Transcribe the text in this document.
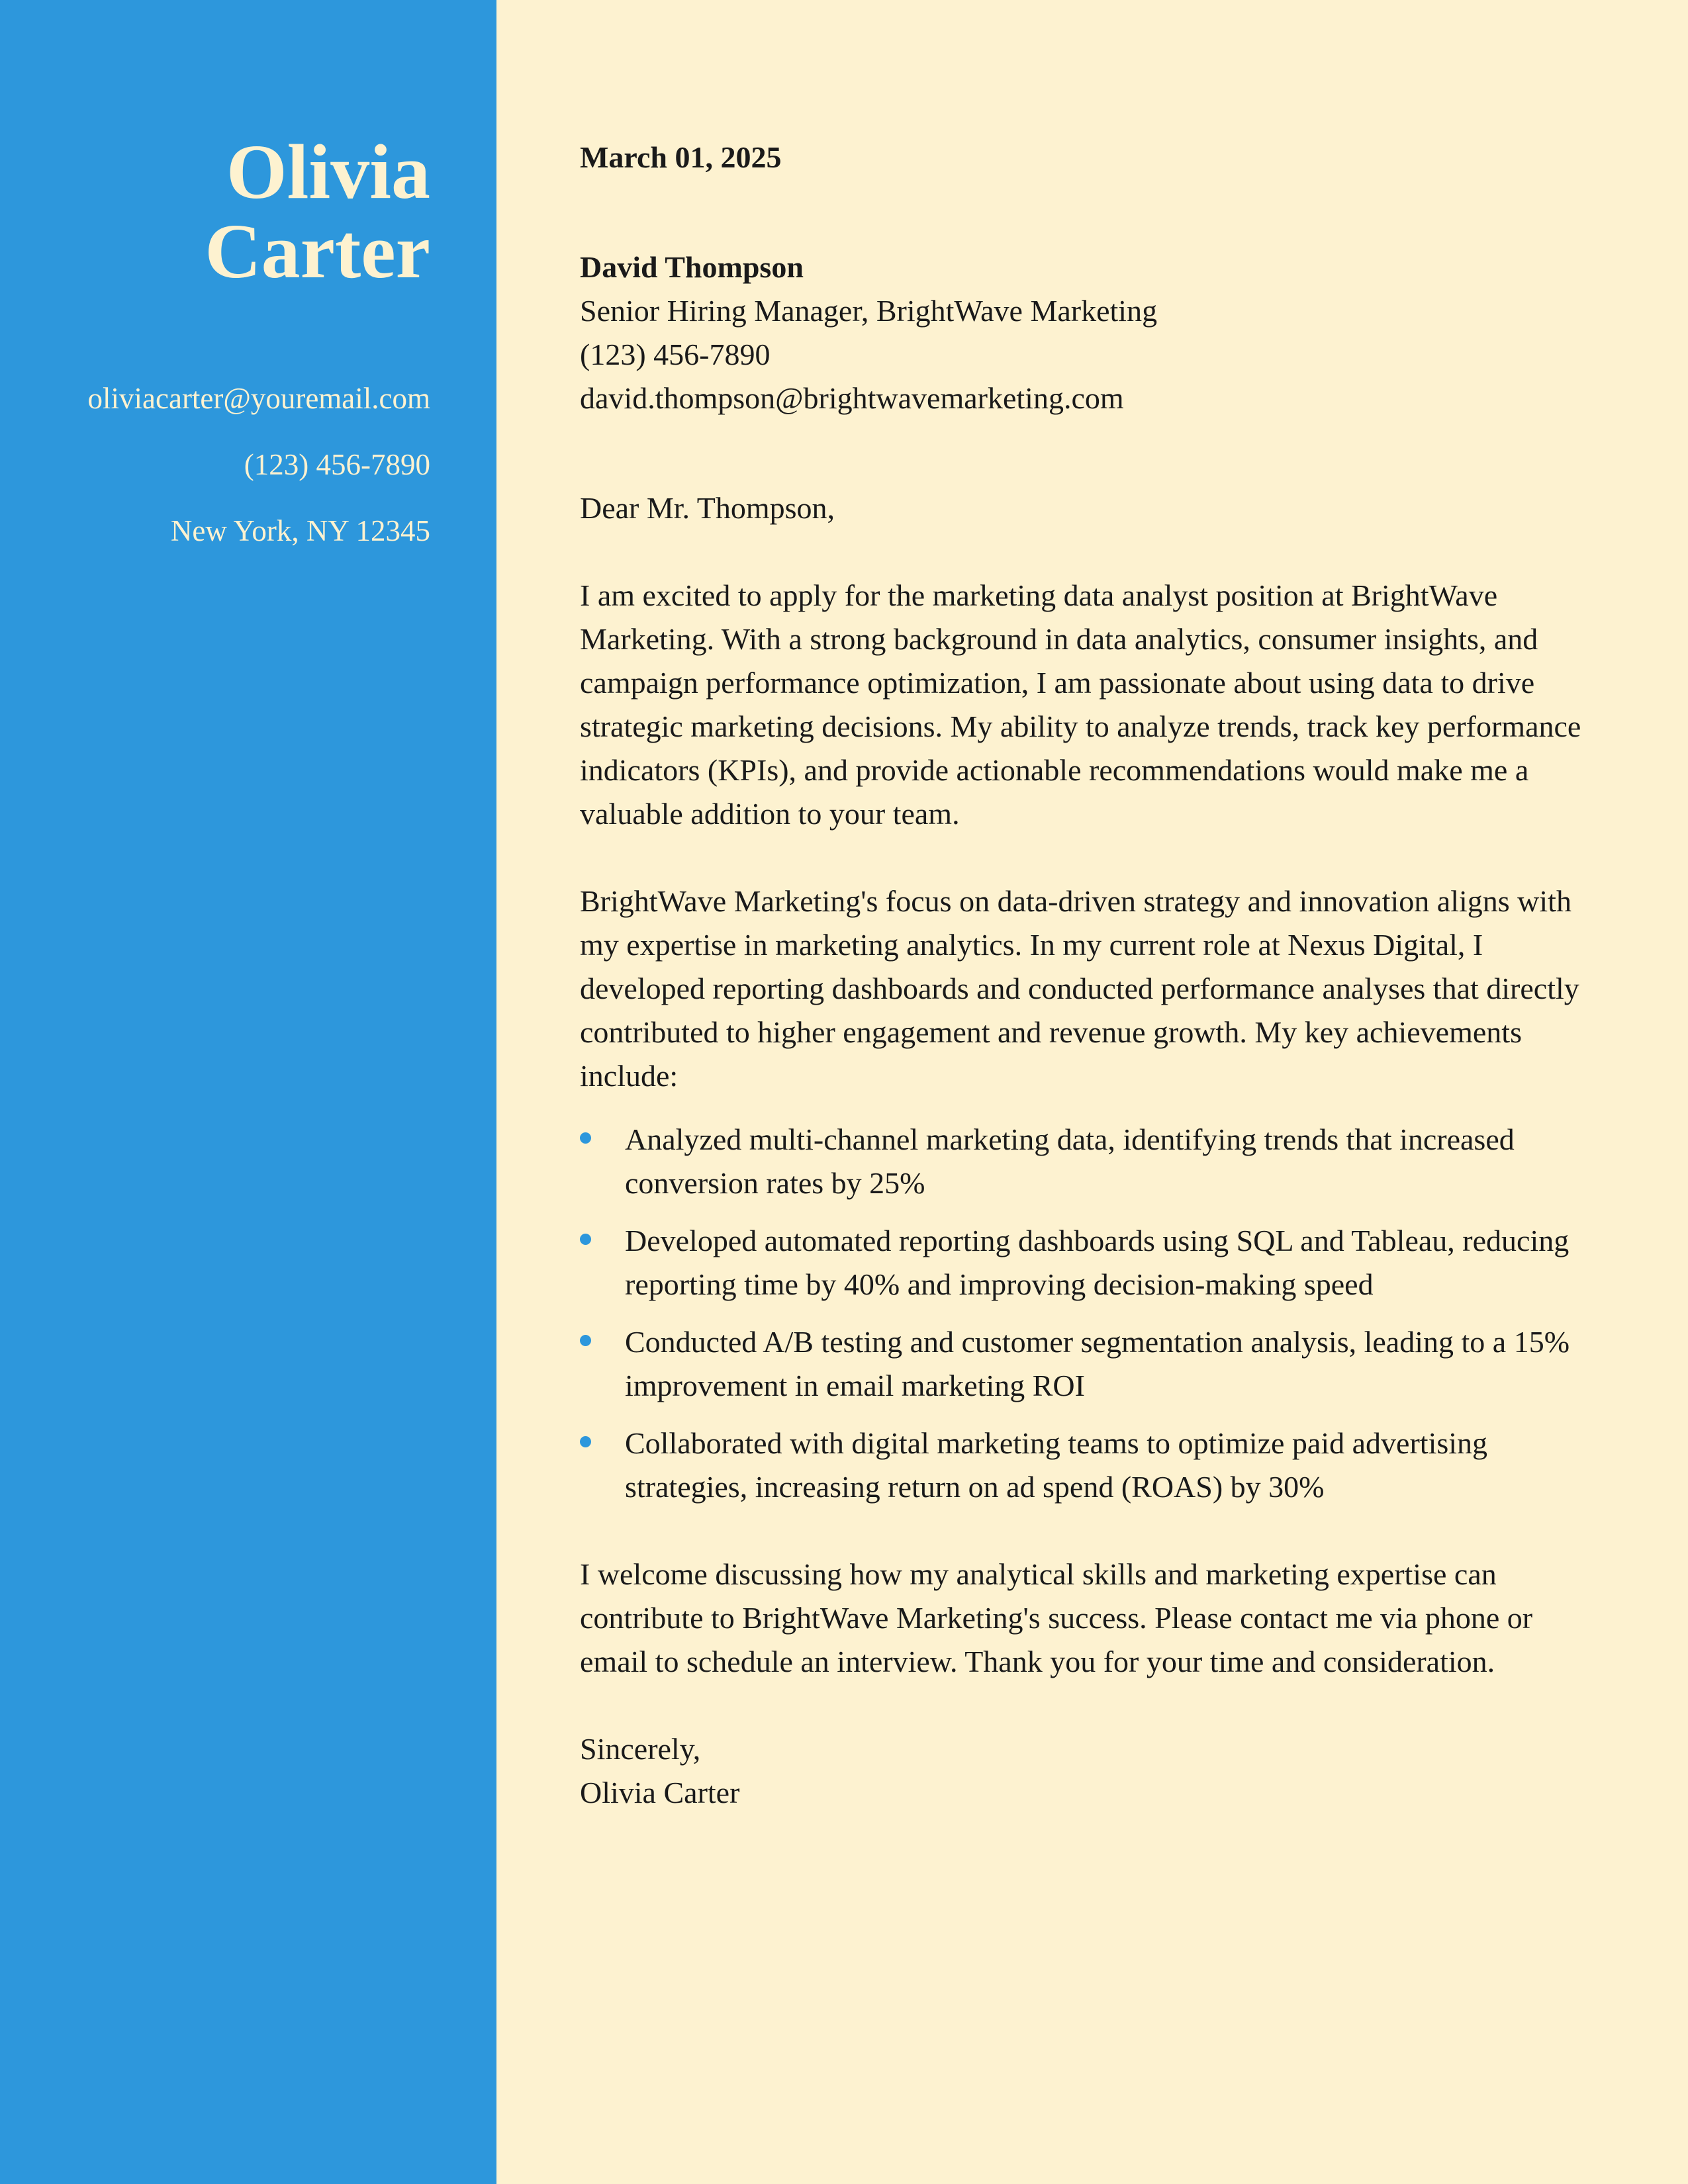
Olivia
Carter
oliviacarter@youremail.com
(123) 456-7890
New York, NY 12345
March 01, 2025
David Thompson
Senior Hiring Manager, BrightWave Marketing
(123) 456-7890
david.thompson@brightwavemarketing.com
Dear Mr. Thompson,
I am excited to apply for the marketing data analyst position at BrightWave Marketing. With a strong background in data analytics, consumer insights, and campaign performance optimization, I am passionate about using data to drive strategic marketing decisions. My ability to analyze trends, track key performance indicators (KPIs), and provide actionable recommendations would make me a valuable addition to your team.
BrightWave Marketing's focus on data-driven strategy and innovation aligns with my expertise in marketing analytics. In my current role at Nexus Digital, I developed reporting dashboards and conducted performance analyses that directly contributed to higher engagement and revenue growth. My key achievements include:
Analyzed multi-channel marketing data, identifying trends that increased conversion rates by 25%
Developed automated reporting dashboards using SQL and Tableau, reducing reporting time by 40% and improving decision-making speed
Conducted A/B testing and customer segmentation analysis, leading to a 15% improvement in email marketing ROI
Collaborated with digital marketing teams to optimize paid advertising strategies, increasing return on ad spend (ROAS) by 30%
I welcome discussing how my analytical skills and marketing expertise can contribute to BrightWave Marketing's success. Please contact me via phone or email to schedule an interview. Thank you for your time and consideration.
Sincerely,
Olivia Carter
